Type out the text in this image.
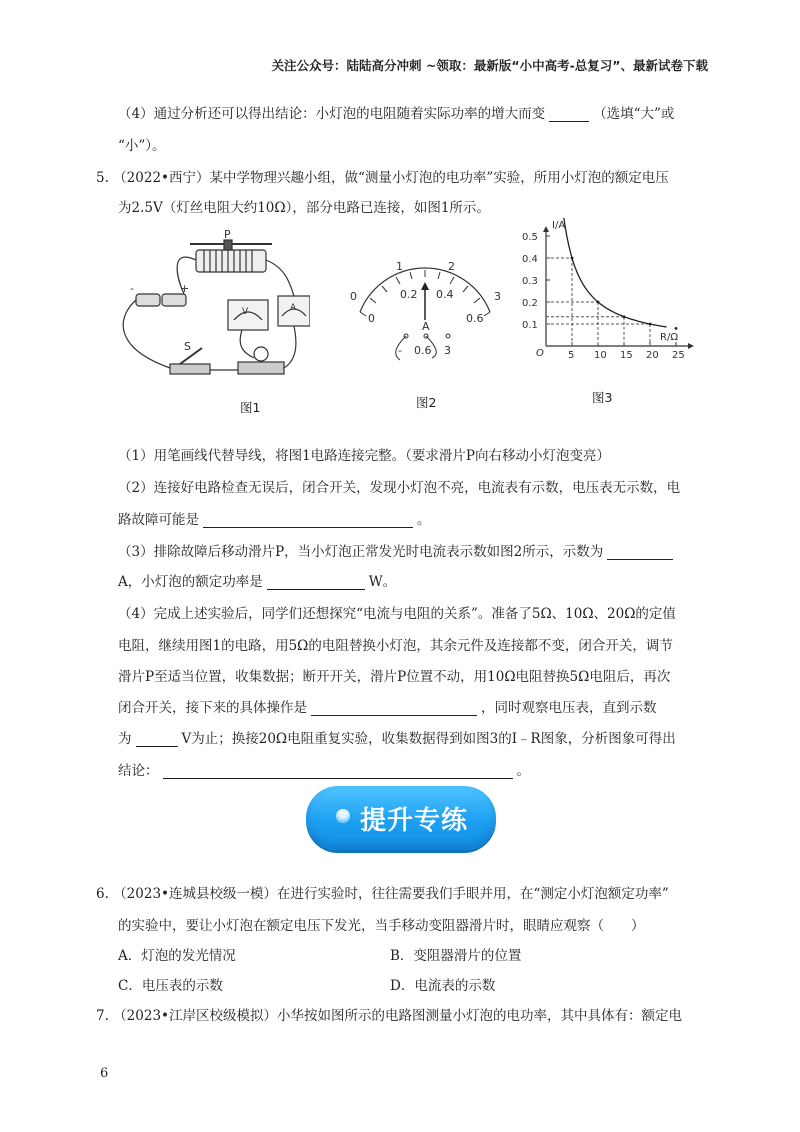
关注公众号：陆陆高分冲刺 ~领取：最新版“小中高考-总复习”、最新试卷下载
（4）通过分析还可以得出结论：小灯泡的电阻随着实际功率的增大而变	（选填“大”或
“小”）。
5. （2022•西宁）某中学物理兴趣小组，做“测量小灯泡的电功率”实验，所用小灯泡的额定电压
为2.5V（灯丝电阻大约10Ω），部分电路已连接，如图1所示。
P
-	+
V	A
S
图1
0
1	2
3
0
0.2 0.4
0.6
A
- 0.6 3
图2
I/A
R/Ω
O
0.1
0.2
0.3
0.4
0.5
5 10 15 20 25
图3
（1）用笔画线代替导线，将图1电路连接完整。（要求滑片P向右移动小灯泡变亮）
（2）连接好电路检查无误后，闭合开关，发现小灯泡不亮，电流表有示数，电压表无示数，电
路故障可能是	。
（3）排除故障后移动滑片P，当小灯泡正常发光时电流表示数如图2所示，示数为
A，小灯泡的额定功率是	W。
（4）完成上述实验后，同学们还想探究“电流与电阻的关系”。准备了5Ω、10Ω、20Ω的定值
电阻，继续用图1的电路，用5Ω的电阻替换小灯泡，其余元件及连接都不变，闭合开关，调节
滑片P至适当位置，收集数据；断开开关，滑片P位置不动，用10Ω电阻替换5Ω电阻后，再次
闭合开关，接下来的具体操作是	，同时观察电压表，直到示数
为	V为止；换接20Ω电阻重复实验，收集数据得到如图3的I﹣R图象，分析图象可得出
结论：	。
提升专练
6. （2023•连城县校级一模）在进行实验时，往往需要我们手眼并用，在“测定小灯泡额定功率”
的实验中，要让小灯泡在额定电压下发光，当手移动变阻器滑片时，眼睛应观察（　　）
A．灯泡的发光情况	B．变阻器滑片的位置
C．电压表的示数	D．电流表的示数
7. （2023•江岸区校级模拟）小华按如图所示的电路图测量小灯泡的电功率，其中具体有：额定电
6
